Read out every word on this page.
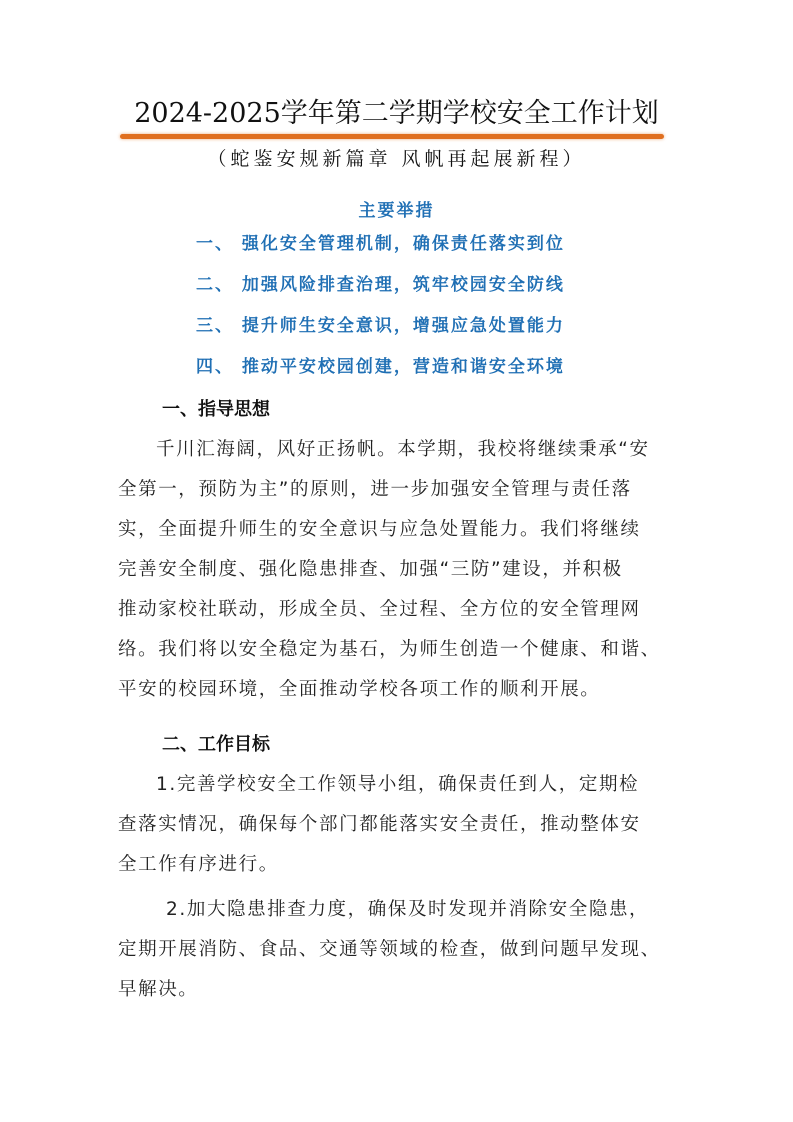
2024-2025学年第二学期学校安全工作计划
（蛇鉴安规新篇章 风帆再起展新程）
主要举措
一、 强化安全管理机制，确保责任落实到位
二、 加强风险排查治理，筑牢校园安全防线
三、 提升师生安全意识，增强应急处置能力
四、 推动平安校园创建，营造和谐安全环境
一、指导思想
千川汇海阔，风好正扬帆。本学期，我校将继续秉承“安
全第一，预防为主”的原则，进一步加强安全管理与责任落
实，全面提升师生的安全意识与应急处置能力。我们将继续
完善安全制度、强化隐患排查、加强“三防”建设，并积极
推动家校社联动，形成全员、全过程、全方位的安全管理网
络。我们将以安全稳定为基石，为师生创造一个健康、和谐、
平安的校园环境，全面推动学校各项工作的顺利开展。
二、工作目标
1.完善学校安全工作领导小组，确保责任到人，定期检
查落实情况，确保每个部门都能落实安全责任，推动整体安
全工作有序进行。
2.加大隐患排查力度，确保及时发现并消除安全隐患，
定期开展消防、食品、交通等领域的检查，做到问题早发现、
早解决。
